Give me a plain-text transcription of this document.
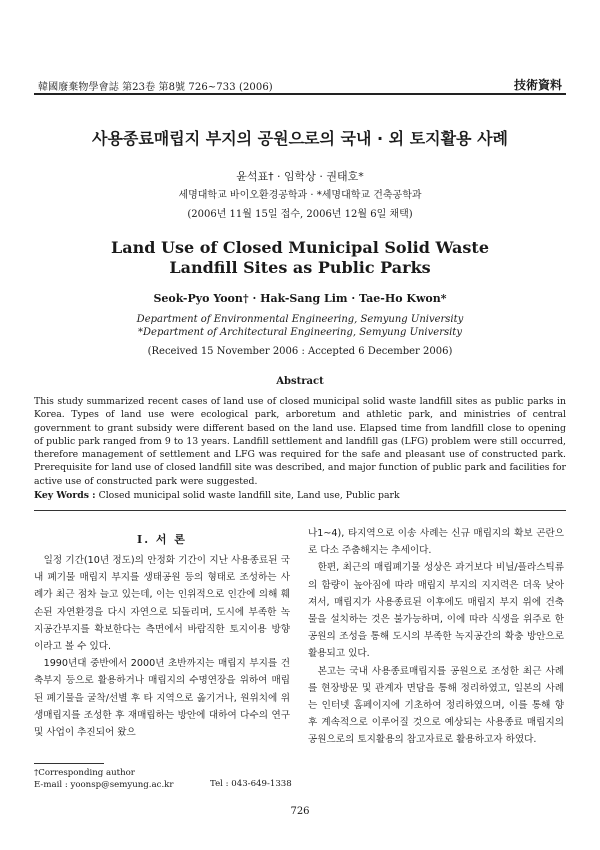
韓國廢棄物學會誌 第23卷 第8號 726~733 (2006)	技術資料
사용종료매립지 부지의 공원으로의 국내 · 외 토지활용 사례
윤석표† · 임학상 · 권태호*
세명대학교 바이오환경공학과 · *세명대학교 건축공학과
(2006년 11월 15일 접수, 2006년 12월 6일 채택)
Land Use of Closed Municipal Solid Waste
Landfill Sites as Public Parks
Seok-Pyo Yoon† · Hak-Sang Lim · Tae-Ho Kwon*
Department of Environmental Engineering, Semyung University
*Department of Architectural Engineering, Semyung University
(Received 15 November 2006 : Accepted 6 December 2006)
Abstract
This study summarized recent cases of land use of closed municipal solid waste landfill sites as public parks in Korea. Types of land use were ecological park, arboretum and athletic park, and ministries of central government to grant subsidy were different based on the land use. Elapsed time from landfill close to opening of public park ranged from 9 to 13 years. Landfill settlement and landfill gas (LFG) problem were still occurred, therefore management of settlement and LFG was required for the safe and pleasant use of constructed park. Prerequisite for land use of closed landfill site was described, and major function of public park and facilities for active use of constructed park were suggested.
Key Words : Closed municipal solid waste landfill site, Land use, Public park
I. 서 론

일정 기간(10년 정도)의 안정화 기간이 지난 사용종료된 국내 폐기물 매립지 부지를 생태공원 등의 형태로 조성하는 사례가 최근 점차 늘고 있는데, 이는 인위적으로 인간에 의해 훼손된 자연환경을 다시 자연으로 되돌리며, 도시에 부족한 녹지공간부지를 확보한다는 측면에서 바람직한 토지이용 방향이라고 볼 수 있다.

1990년대 중반에서 2000년 초반까지는 매립지 부지를 건축부지 등으로 활용하거나 매립지의 수명연장을 위하여 매립된 폐기물을 굴착/선별 후 타 지역으로 옮기거나, 원위치에 위생매립지를 조성한 후 재매립하는 방안에 대하여 다수의 연구 및 사업이 추진되어 왔으

나1~4), 타지역으로 이송 사례는 신규 매립지의 확보 곤란으로 다소 주춤해지는 추세이다.

한편, 최근의 매립폐기물 성상은 과거보다 비닐/플라스틱류의 함량이 높아짐에 따라 매립지 부지의 지지력은 더욱 낮아져서, 매립지가 사용종료된 이후에도 매립지 부지 위에 건축물을 설치하는 것은 불가능하며, 이에 따라 식생을 위주로 한 공원의 조성을 통해 도시의 부족한 녹지공간의 확충 방안으로 활용되고 있다.

본고는 국내 사용종료매립지를 공원으로 조성한 최근 사례를 현장방문 및 관계자 면담을 통해 정리하였고, 일본의 사례는 인터넷 홈페이지에 기초하여 정리하였으며, 이를 통해 향후 계속적으로 이루어질 것으로 예상되는 사용종료 매립지의 공원으로의 토지활용의 참고자료로 활용하고자 하였다.

†Corresponding author
E-mail : yoonsp@semyung.ac.kr	Tel : 043-649-1338
726
